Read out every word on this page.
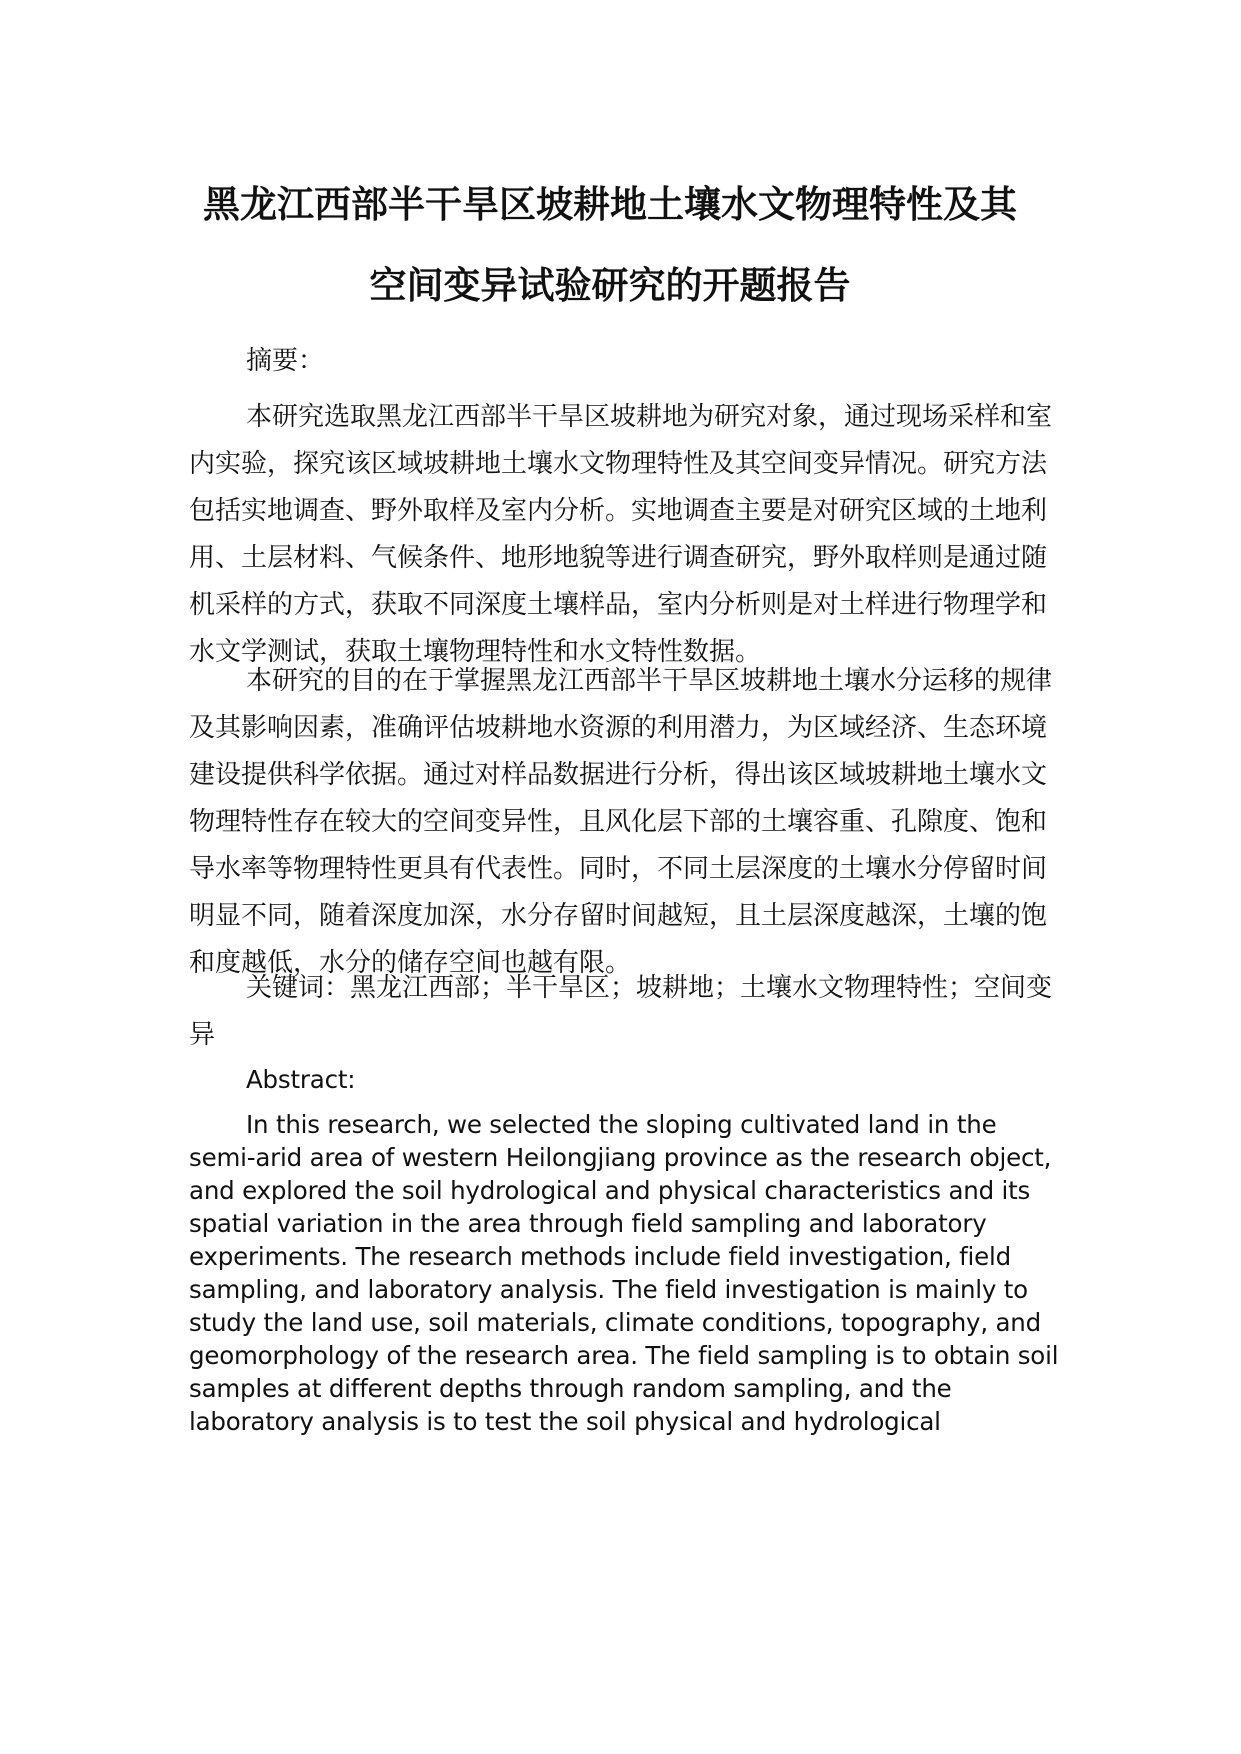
黑龙江西部半干旱区坡耕地土壤水文物理特性及其
空间变异试验研究的开题报告

摘要：

本研究选取黑龙江西部半干旱区坡耕地为研究对象，通过现场采样和室内实验，探究该区域坡耕地土壤水文物理特性及其空间变异情况。研究方法包括实地调查、野外取样及室内分析。实地调查主要是对研究区域的土地利用、土层材料、气候条件、地形地貌等进行调查研究，野外取样则是通过随机采样的方式，获取不同深度土壤样品，室内分析则是对土样进行物理学和水文学测试，获取土壤物理特性和水文特性数据。

本研究的目的在于掌握黑龙江西部半干旱区坡耕地土壤水分运移的规律及其影响因素，准确评估坡耕地水资源的利用潜力，为区域经济、生态环境建设提供科学依据。通过对样品数据进行分析，得出该区域坡耕地土壤水文物理特性存在较大的空间变异性，且风化层下部的土壤容重、孔隙度、饱和导水率等物理特性更具有代表性。同时，不同土层深度的土壤水分停留时间明显不同，随着深度加深，水分存留时间越短，且土层深度越深，土壤的饱和度越低，水分的储存空间也越有限。

关键词：黑龙江西部；半干旱区；坡耕地；土壤水文物理特性；空间变异

Abstract:

In this research, we selected the sloping cultivated land in the semi-arid area of western Heilongjiang province as the research object, and explored the soil hydrological and physical characteristics and its spatial variation in the area through field sampling and laboratory experiments. The research methods include field investigation, field sampling, and laboratory analysis. The field investigation is mainly to study the land use, soil materials, climate conditions, topography, and geomorphology of the research area. The field sampling is to obtain soil samples at different depths through random sampling, and the laboratory analysis is to test the soil physical and hydrological
